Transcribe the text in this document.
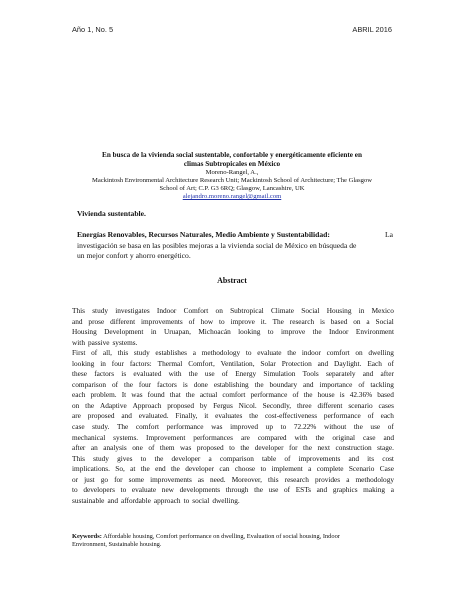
Año 1, No. 5	ABRIL 2016
En busca de la vivienda social sustentable, confortable y energéticamente eficiente en
climas Subtropicales en México
Moreno-Rangel, A.,
Mackintosh Environmental Architecture Research Unit; Mackintosh School of Architecture; The Glasgow
School of Art; C.P. G3 6RQ; Glasgow, Lancashire, UK
alejandro.moreno.rangel@gmail.com
Vivienda sustentable.
Energías Renovables, Recursos Naturales, Medio Ambiente y Sustentabilidad:	La
investigación se basa en las posibles mejoras a la vivienda social de México en búsqueda de
un mejor confort y ahorro energético.
Abstract
This study investigates Indoor Comfort on Subtropical Climate Social Housing in Mexico
and prose different improvements of how to improve it. The research is based on a Social
Housing Development in Uruapan, Michoacán looking to improve the Indoor Environment
with passive systems.
First of all, this study establishes a methodology to evaluate the indoor comfort on dwelling
looking in four factors: Thermal Comfort, Ventilation, Solar Protection and Daylight. Each of
these factors is evaluated with the use of Energy Simulation Tools separately and after
comparison of the four factors is done establishing the boundary and importance of tackling
each problem. It was found that the actual comfort performance of the house is 42.36% based
on the Adaptive Approach proposed by Fergus Nicol. Secondly, three different scenario cases
are proposed and evaluated. Finally, it evaluates the cost-effectiveness performance of each
case study. The comfort performance was improved up to 72.22% without the use of
mechanical systems. Improvement performances are compared with the original case and
after an analysis one of them was proposed to the developer for the next construction stage.
This study gives to the developer a comparison table of improvements and its cost
implications. So, at the end the developer can choose to implement a complete Scenario Case
or just go for some improvements as need. Moreover, this research provides a methodology
to developers to evaluate new developments through the use of ESTs and graphics making a
sustainable and affordable approach to social dwelling.
Keywords: Affordable housing, Comfort performance on dwelling, Evaluation of social housing, Indoor
Environment, Sustainable housing.
